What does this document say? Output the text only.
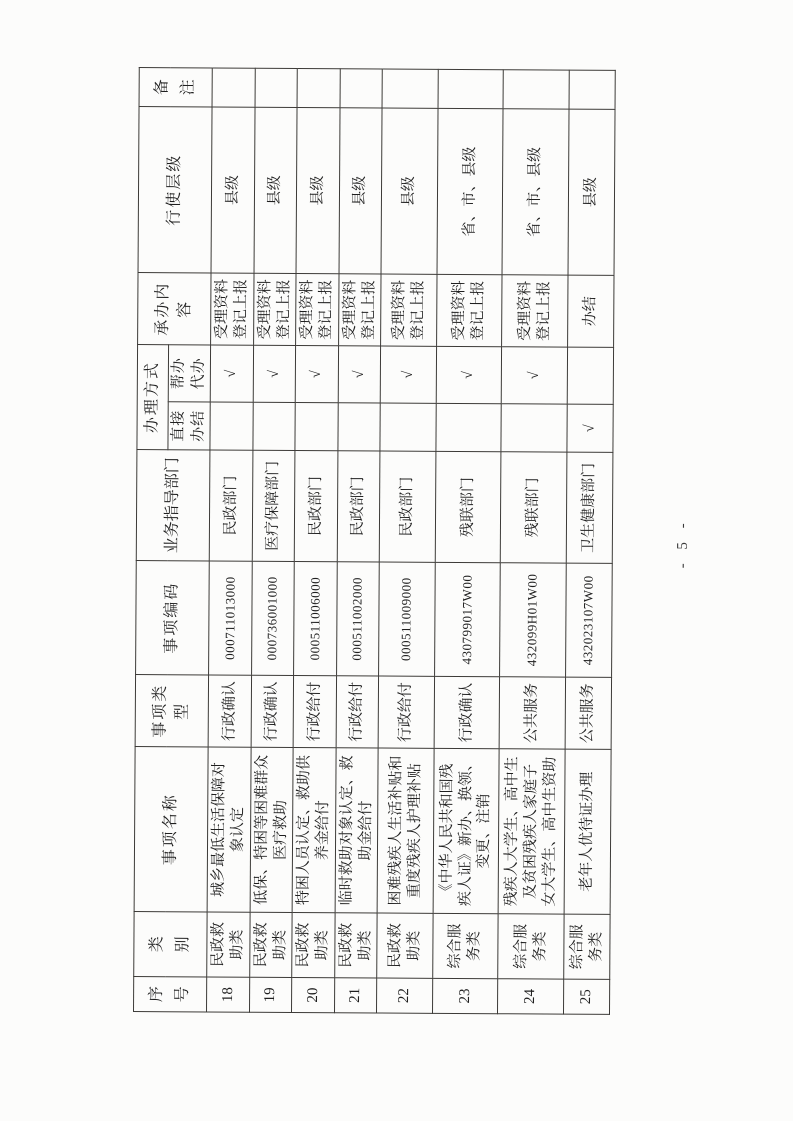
序
号	类
别	事项名称	事项类型	事项编码	业务指导部门	办理方式		承办内容	行使层级	备
注
						直接
办结	帮办
代办			
18	民政救
助类	城乡最低生活保障对
象认定	行政确认	000711013000	民政部门		√	受理资料
登记上报	县级	
19	民政救
助类	低保、特困等困难群众
医疗救助	行政确认	000736001000	医疗保障部门		√	受理资料
登记上报	县级	
20	民政救
助类	特困人员认定、救助供
养金给付	行政给付	000511006000	民政部门		√	受理资料
登记上报	县级	
21	民政救
助类	临时救助对象认定、救
助金给付	行政给付	000511002000	民政部门		√	受理资料
登记上报	县级	
22	民政救
助类	困难残疾人生活补贴和
重度残疾人护理补贴	行政给付	000511009000	民政部门		√	受理资料
登记上报	县级	
23	综合服
务类	《中华人民共和国残
疾人证》新办、换领、
变更、注销	行政确认	430799017W00	残联部门		√	受理资料
登记上报	省、市、县级	
24	综合服
务类	残疾人大学生、高中生
及贫困残疾人家庭子
女大学生、高中生资助	公共服务	432099H01W00	残联部门		√	受理资料
登记上报	省、市、县级	
25	综合服
务类	老年人优待证办理	公共服务	432023107W00	卫生健康部门	√		办结	县级	
- 5 -
